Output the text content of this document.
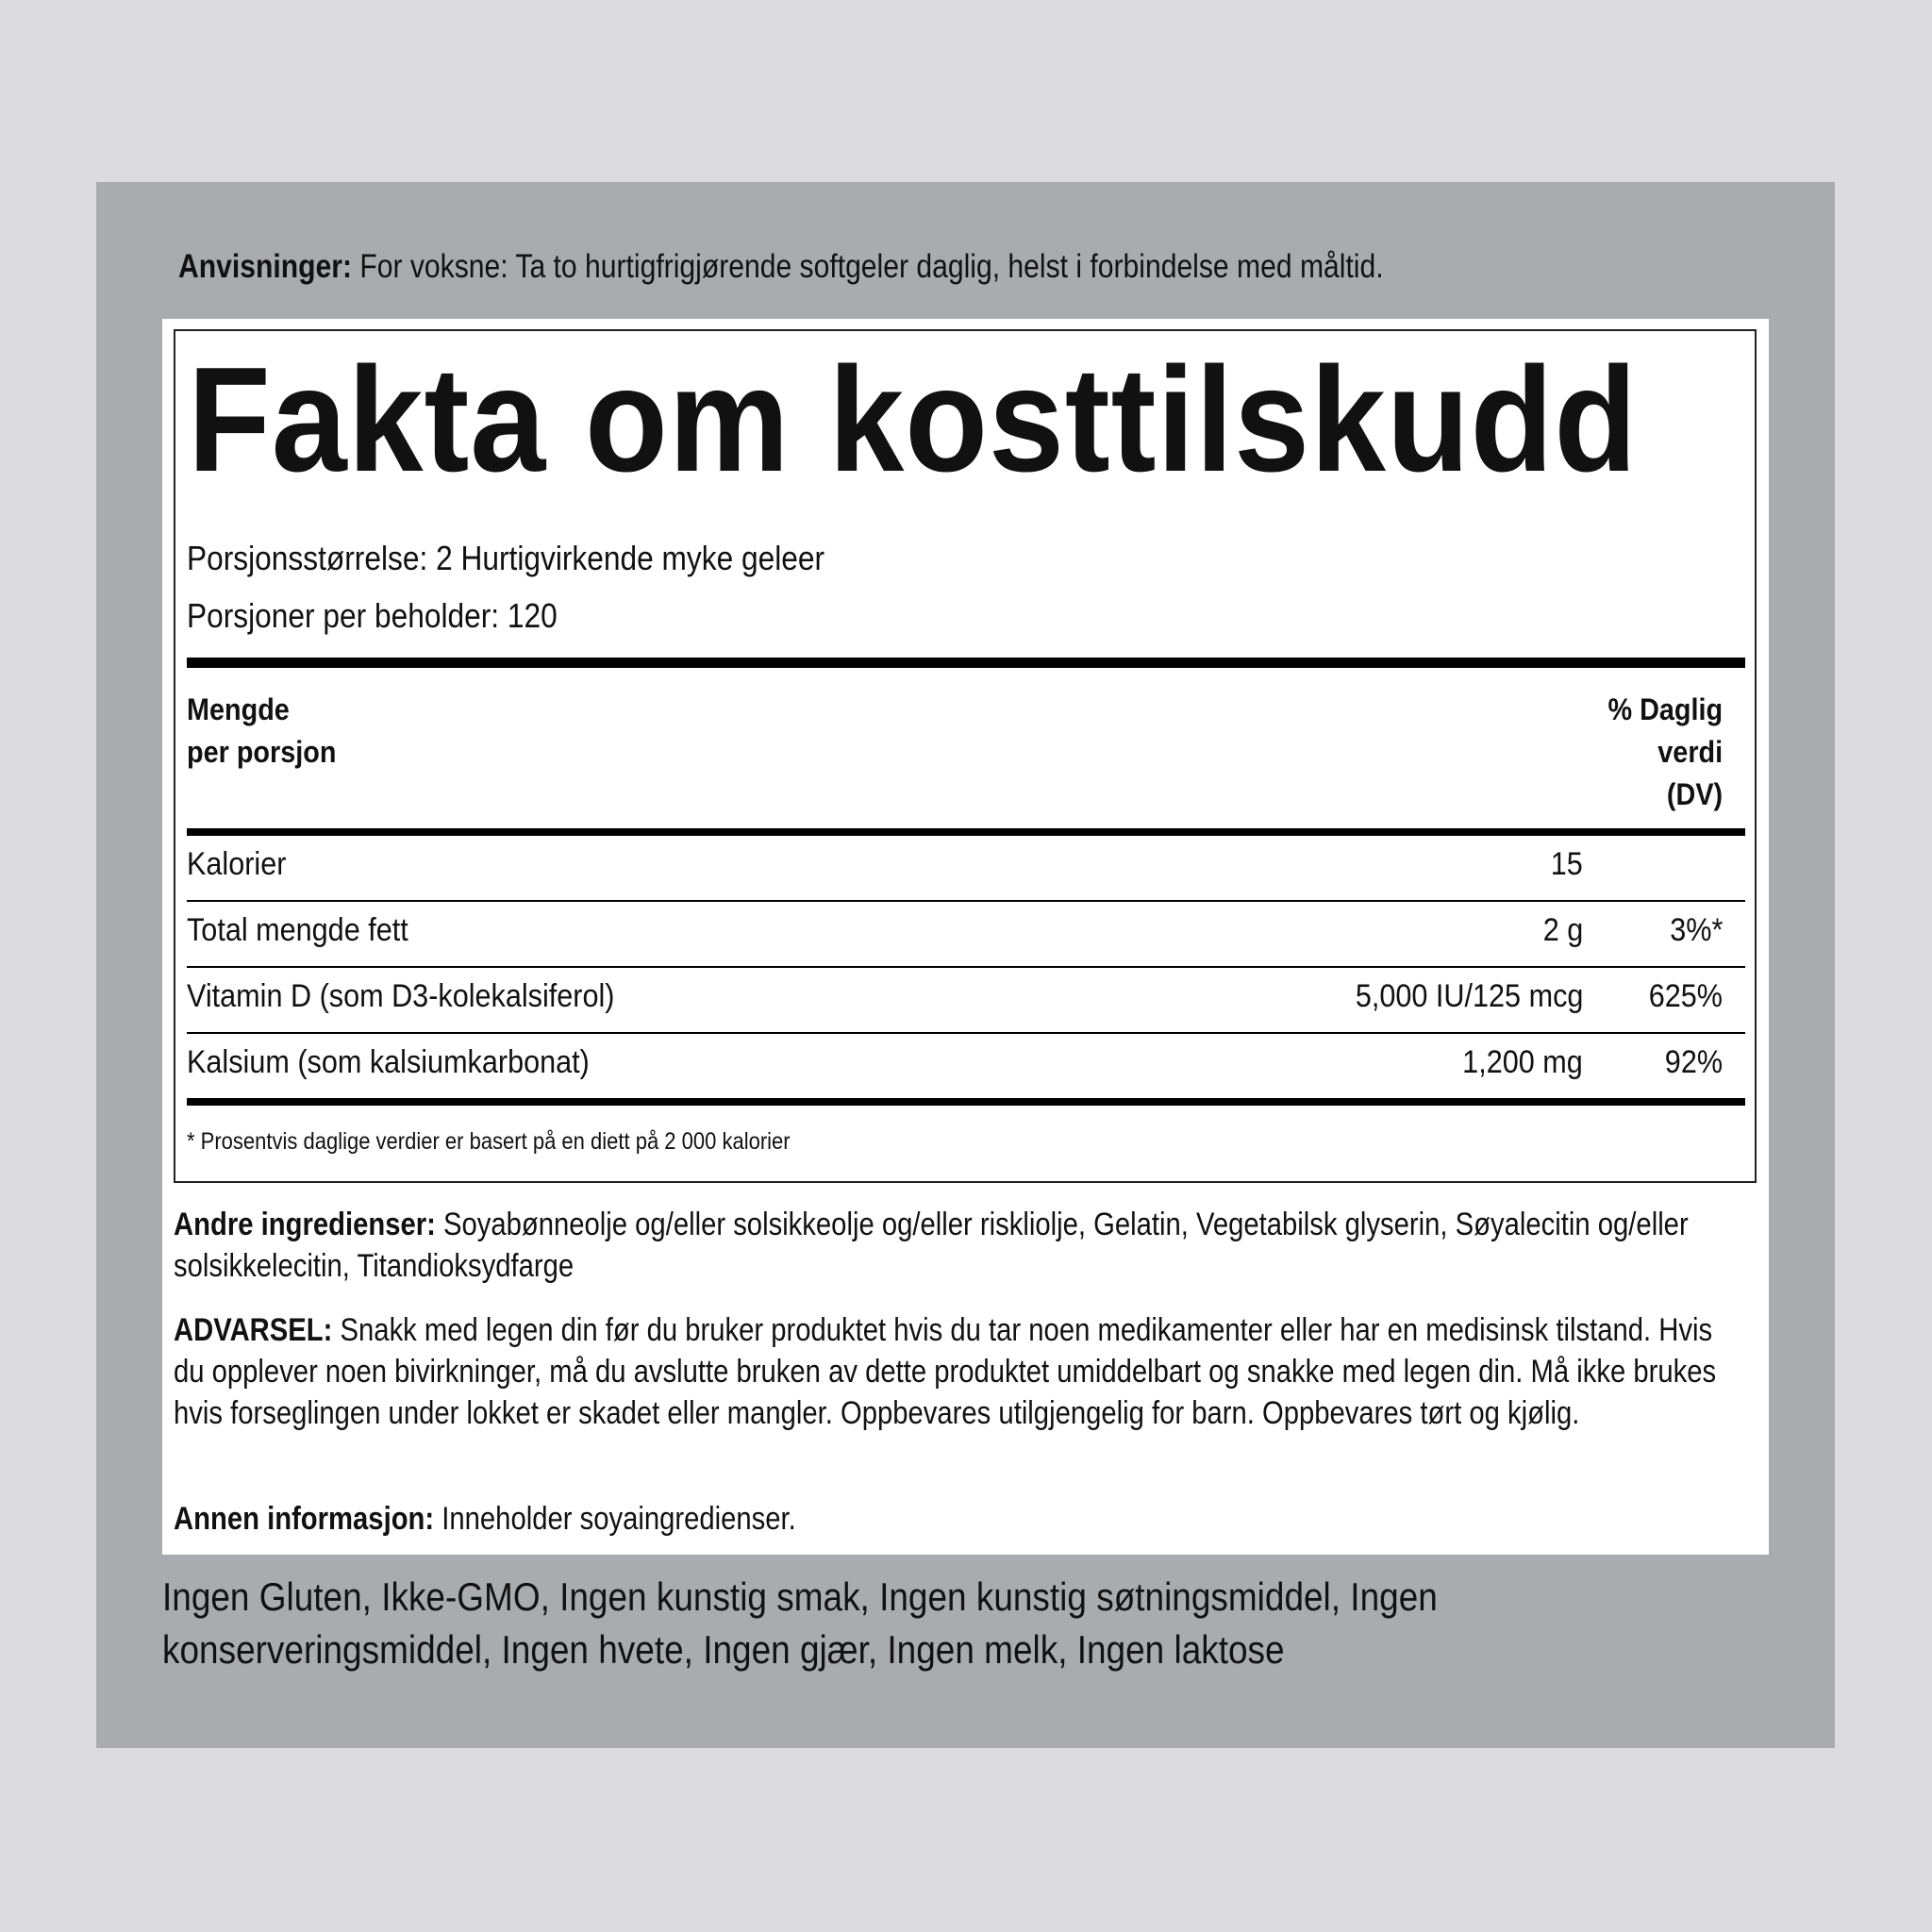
Anvisninger: For voksne: Ta to hurtigfrigjørende softgeler daglig, helst i forbindelse med måltid.
Fakta om kosttilskudd
Porsjonsstørrelse: 2 Hurtigvirkende myke geleer
Porsjoner per beholder: 120
Mengde
per porsjon
% Daglig
verdi
(DV)
Kalorier	15
Total mengde fett	2 g	3%*
Vitamin D (som D3-kolekalsiferol)	5,000 IU/125 mcg 625%
Kalsium (som kalsiumkarbonat)	1,200 mg	92%
* Prosentvis daglige verdier er basert på en diett på 2 000 kalorier
Andre ingredienser: Soyabønneolje og/eller solsikkeolje og/eller riskliolje, Gelatin, Vegetabilsk glyserin, Søyalecitin og/eller solsikkelecitin, Titandioksydfarge
ADVARSEL: Snakk med legen din før du bruker produktet hvis du tar noen medikamenter eller har en medisinsk tilstand. Hvis du opplever noen bivirkninger, må du avslutte bruken av dette produktet umiddelbart og snakke med legen din. Må ikke brukes hvis forseglingen under lokket er skadet eller mangler. Oppbevares utilgjengelig for barn. Oppbevares tørt og kjølig.
Annen informasjon: Inneholder soyaingredienser.
Ingen Gluten, Ikke-GMO, Ingen kunstig smak, Ingen kunstig søtningsmiddel, Ingen konserveringsmiddel, Ingen hvete, Ingen gjær, Ingen melk, Ingen laktose
